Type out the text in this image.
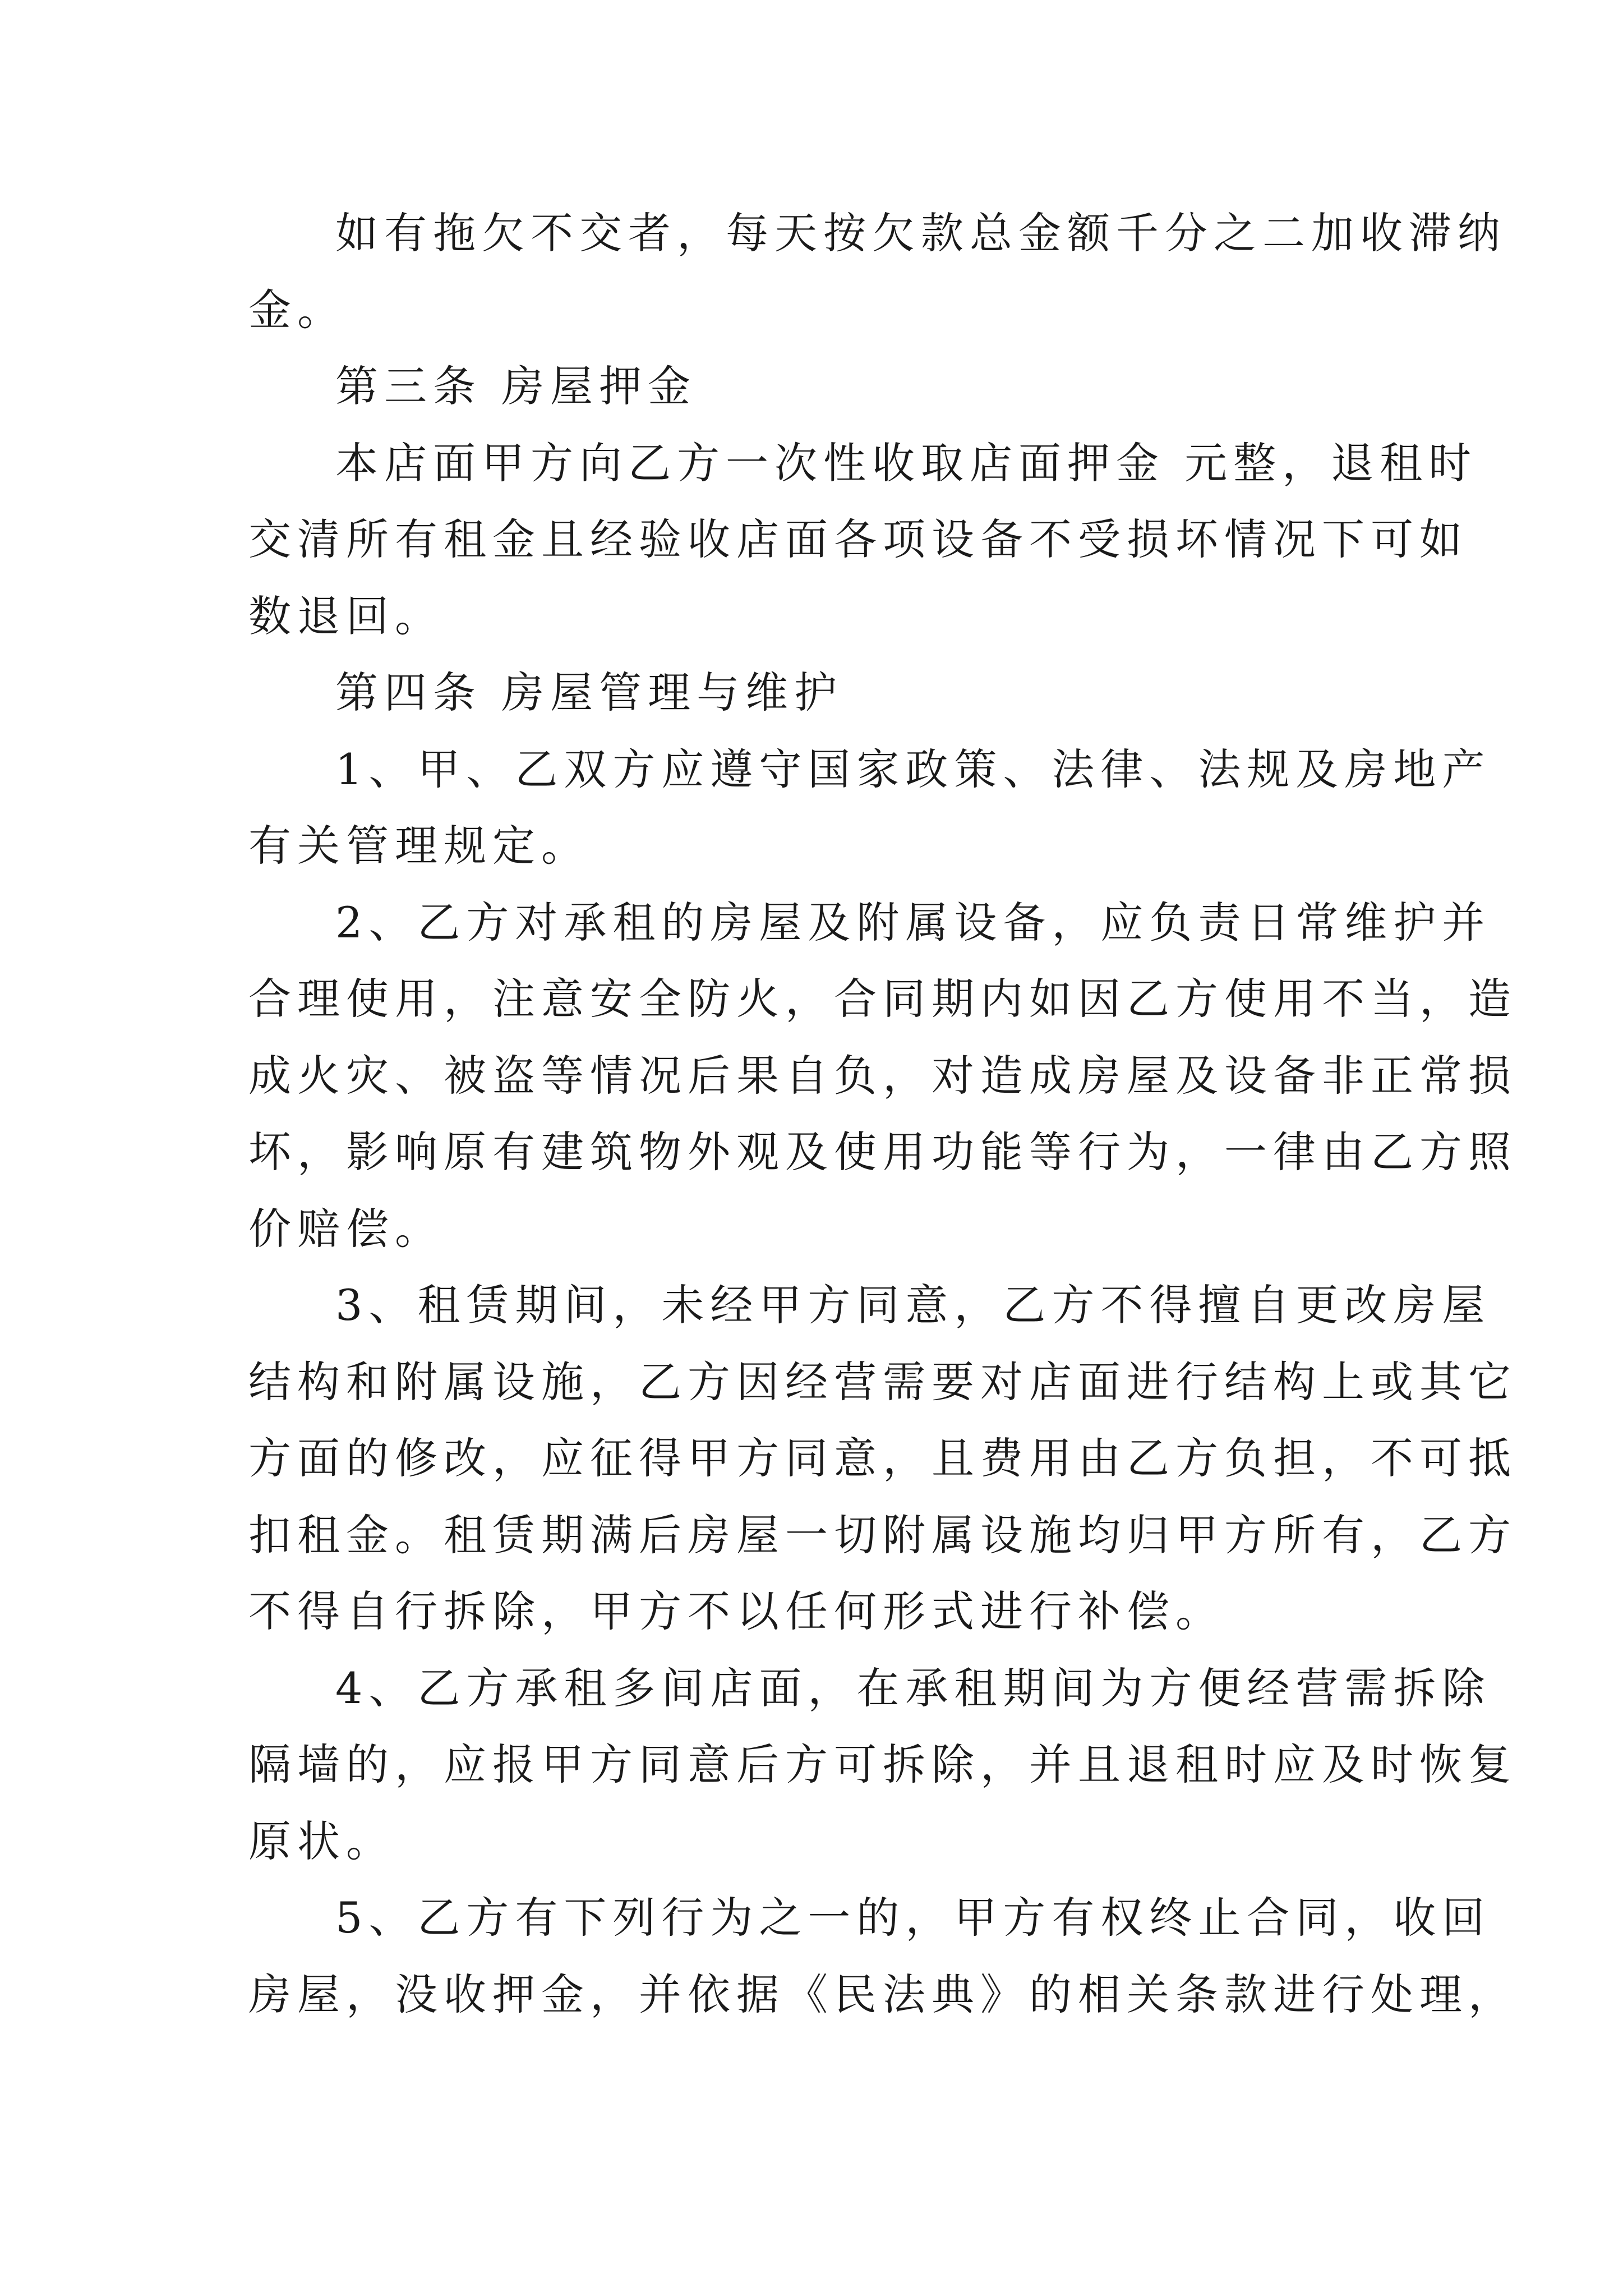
如有拖欠不交者，每天按欠款总金额千分之二加收滞纳
金。
第三条 房屋押金
本店面甲方向乙方一次性收取店面押金 元整，退租时
交清所有租金且经验收店面各项设备不受损坏情况下可如
数退回。
第四条 房屋管理与维护
1、甲、乙双方应遵守国家政策、法律、法规及房地产
有关管理规定。
2、乙方对承租的房屋及附属设备，应负责日常维护并
合理使用，注意安全防火，合同期内如因乙方使用不当，造
成火灾、被盗等情况后果自负，对造成房屋及设备非正常损
坏，影响原有建筑物外观及使用功能等行为，一律由乙方照
价赔偿。
3、租赁期间，未经甲方同意，乙方不得擅自更改房屋
结构和附属设施，乙方因经营需要对店面进行结构上或其它
方面的修改，应征得甲方同意，且费用由乙方负担，不可抵
扣租金。租赁期满后房屋一切附属设施均归甲方所有，乙方
不得自行拆除，甲方不以任何形式进行补偿。
4、乙方承租多间店面，在承租期间为方便经营需拆除
隔墙的，应报甲方同意后方可拆除，并且退租时应及时恢复
原状。
5、乙方有下列行为之一的，甲方有权终止合同，收回
房屋，没收押金，并依据《民法典》的相关条款进行处理，
